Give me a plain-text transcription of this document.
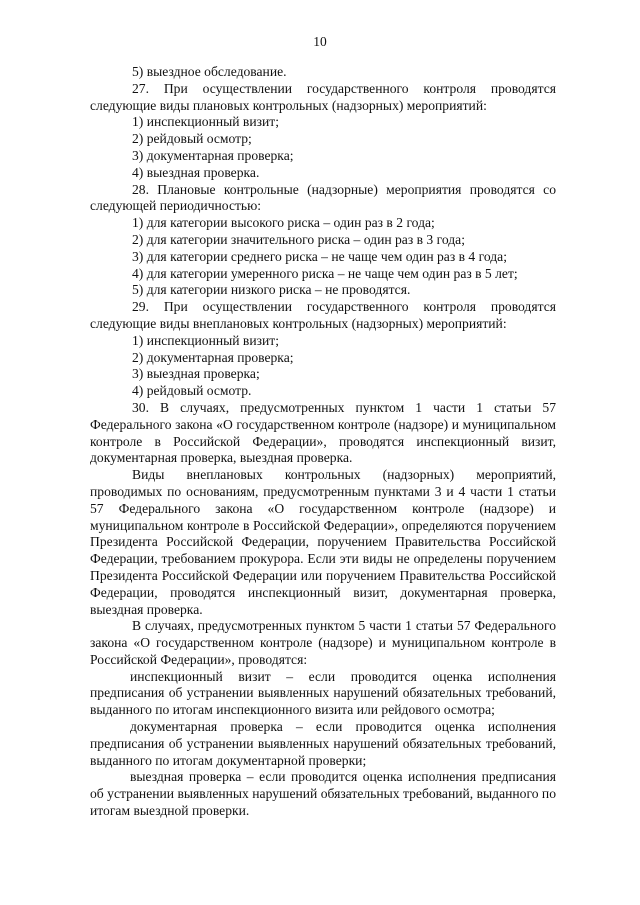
10

5) выездное обследование.

27. При осуществлении государственного контроля проводятся следующие виды плановых контрольных (надзорных) мероприятий:

1) инспекционный визит;

2) рейдовый осмотр;

3) документарная проверка;

4) выездная проверка.

28. Плановые контрольные (надзорные) мероприятия проводятся со следующей периодичностью:

1) для категории высокого риска – один раз в 2 года;

2) для категории значительного риска – один раз в 3 года;

3) для категории среднего риска – не чаще чем один раз в 4 года;

4) для категории умеренного риска – не чаще чем один раз в 5 лет;

5) для категории низкого риска – не проводятся.

29. При осуществлении государственного контроля проводятся следующие виды внеплановых контрольных (надзорных) мероприятий:

1) инспекционный визит;

2) документарная проверка;

3) выездная проверка;

4) рейдовый осмотр.

30. В случаях, предусмотренных пунктом 1 части 1 статьи 57 Федерального закона «О государственном контроле (надзоре) и муниципальном контроле в Российской Федерации», проводятся инспекционный визит, документарная проверка, выездная проверка.

Виды внеплановых контрольных (надзорных) мероприятий, проводимых по основаниям, предусмотренным пунктами 3 и 4 части 1 статьи 57 Федерального закона «О государственном контроле (надзоре) и муниципальном контроле в Российской Федерации», определяются поручением Президента Российской Федерации, поручением Правительства Российской Федерации, требованием прокурора. Если эти виды не определены поручением Президента Российской Федерации или поручением Правительства Российской Федерации, проводятся инспекционный визит, документарная проверка, выездная проверка.

В случаях, предусмотренных пунктом 5 части 1 статьи 57 Федерального закона «О государственном контроле (надзоре) и муниципальном контроле в Российской Федерации», проводятся:

инспекционный визит – если проводится оценка исполнения предписания об устранении выявленных нарушений обязательных требований, выданного по итогам инспекционного визита или рейдового осмотра;

документарная проверка – если проводится оценка исполнения предписания об устранении выявленных нарушений обязательных требований, выданного по итогам документарной проверки;

выездная проверка – если проводится оценка исполнения предписания об устранении выявленных нарушений обязательных требований, выданного по итогам выездной проверки.
